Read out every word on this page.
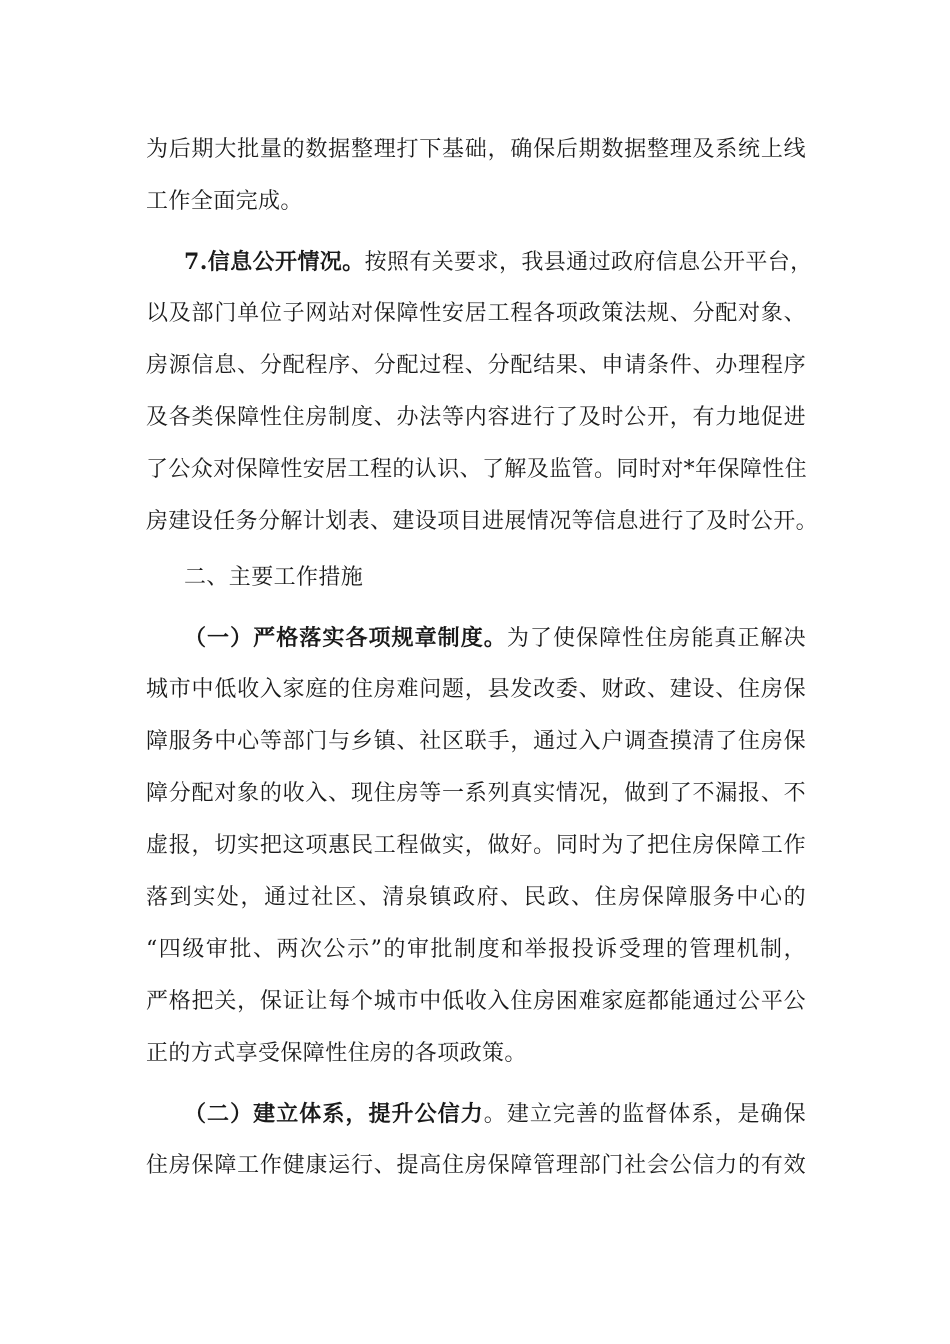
为后期大批量的数据整理打下基础，确保后期数据整理及系统上线
工作全面完成。
7.信息公开情况。按照有关要求，我县通过政府信息公开平台，
以及部门单位子网站对保障性安居工程各项政策法规、分配对象、
房源信息、分配程序、分配过程、分配结果、申请条件、办理程序
及各类保障性住房制度、办法等内容进行了及时公开，有力地促进
了公众对保障性安居工程的认识、了解及监管。同时对*年保障性住
房建设任务分解计划表、建设项目进展情况等信息进行了及时公开。
二、主要工作措施
（一）严格落实各项规章制度。为了使保障性住房能真正解决
城市中低收入家庭的住房难问题，县发改委、财政、建设、住房保
障服务中心等部门与乡镇、社区联手，通过入户调查摸清了住房保
障分配对象的收入、现住房等一系列真实情况，做到了不漏报、不
虚报，切实把这项惠民工程做实，做好。同时为了把住房保障工作
落到实处，通过社区、清泉镇政府、民政、住房保障服务中心的
“四级审批、两次公示”的审批制度和举报投诉受理的管理机制，
严格把关，保证让每个城市中低收入住房困难家庭都能通过公平公
正的方式享受保障性住房的各项政策。
（二）建立体系，提升公信力。建立完善的监督体系，是确保
住房保障工作健康运行、提高住房保障管理部门社会公信力的有效
